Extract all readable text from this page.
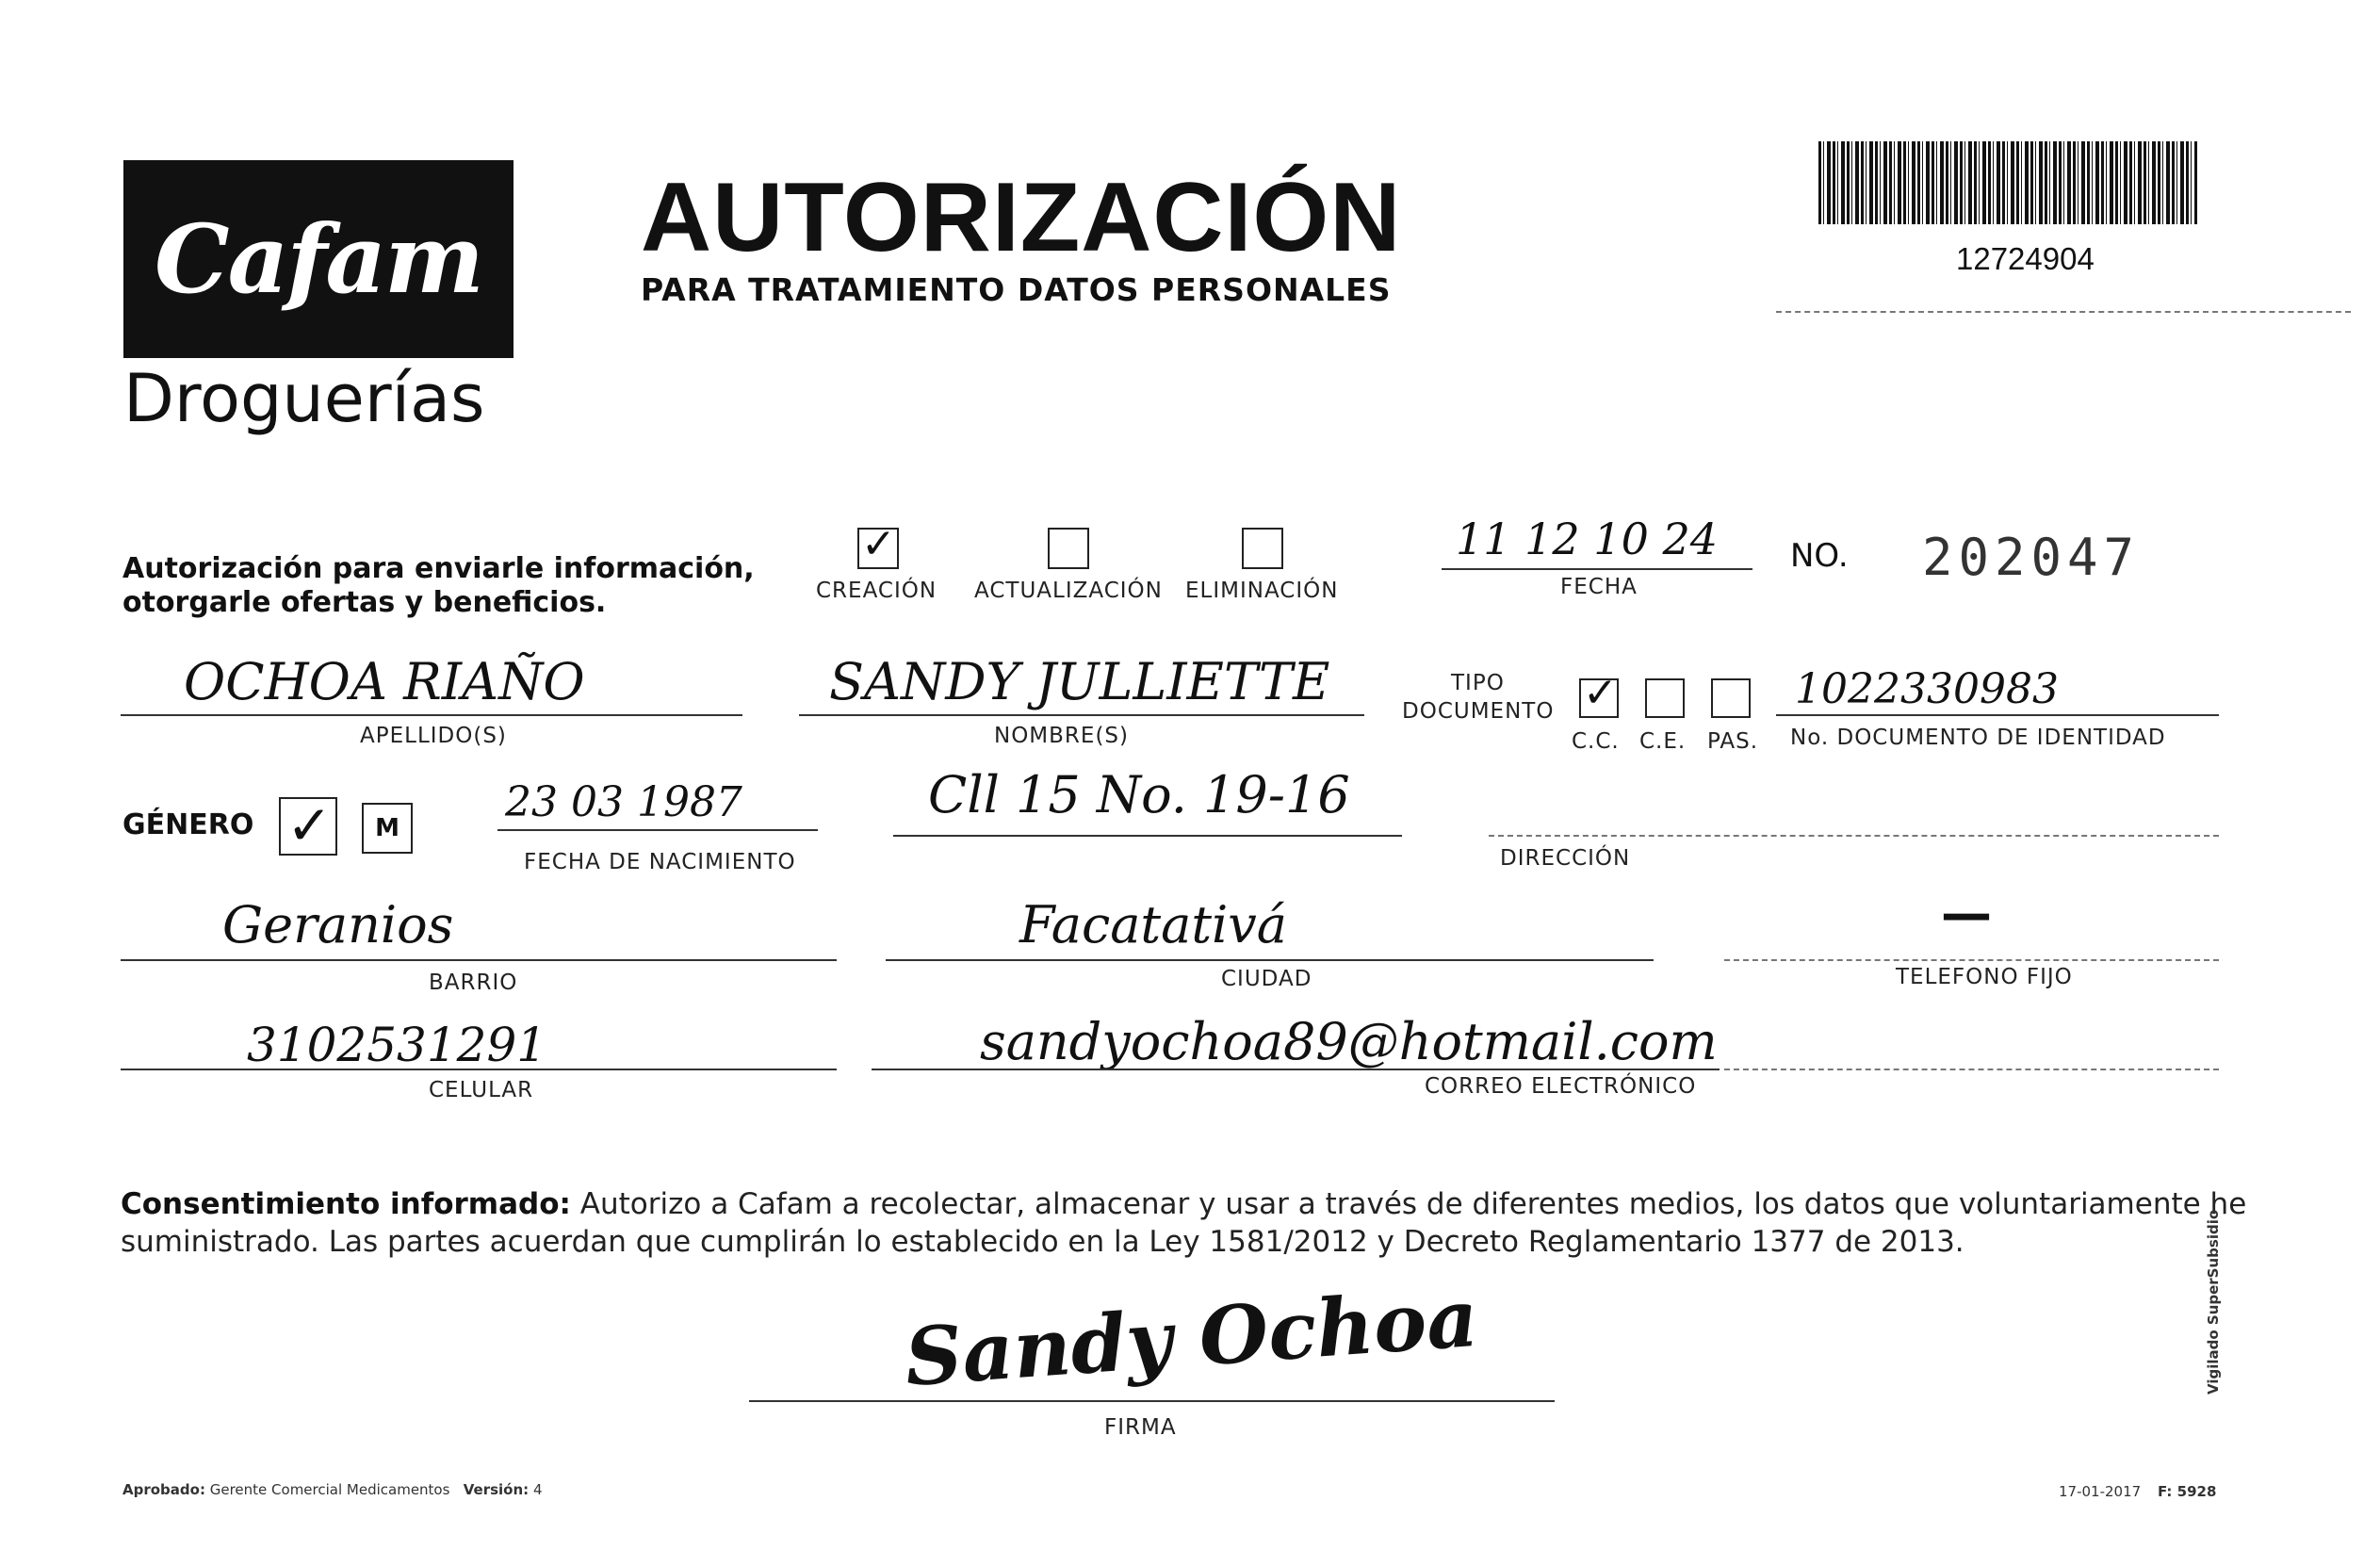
Cafam
Droguerías
AUTORIZACIÓN
PARA TRATAMIENTO DATOS PERSONALES
12724904
Autorización para enviarle información,
otorgarle ofertas y beneficios.
✓
CREACIÓN ACTUALIZACIÓN ELIMINACIÓN
11 12 10 24
FECHA
NO. 202047
OCHOA RIAÑO
APELLIDO(S)
SANDY JULLIETTE
NOMBRE(S)
TIPO
DOCUMENTO ✓
C.C. C.E. PAS.
1022330983
No. DOCUMENTO DE IDENTIDAD
GÉNERO ✓ M
23 03 1987
FECHA DE NACIMIENTO
Cll 15 No. 19-16
DIRECCIÓN
Geranios
BARRIO
Facatativá
CIUDAD
—
TELEFONO FIJO
3102531291
CELULAR
sandyochoa89@hotmail.com
CORREO ELECTRÓNICO
Consentimiento informado: Autorizo a Cafam a recolectar, almacenar y usar a través de diferentes medios, los datos que voluntariamente he
suministrado. Las partes acuerdan que cumplirán lo establecido en la Ley 1581/2012 y Decreto Reglamentario 1377 de 2013.
Sandy Ochoa
FIRMA
Aprobado: Gerente Comercial Medicamentos Versión: 4	17-01-2017 F: 5928
Vigilado SuperSubsidio
